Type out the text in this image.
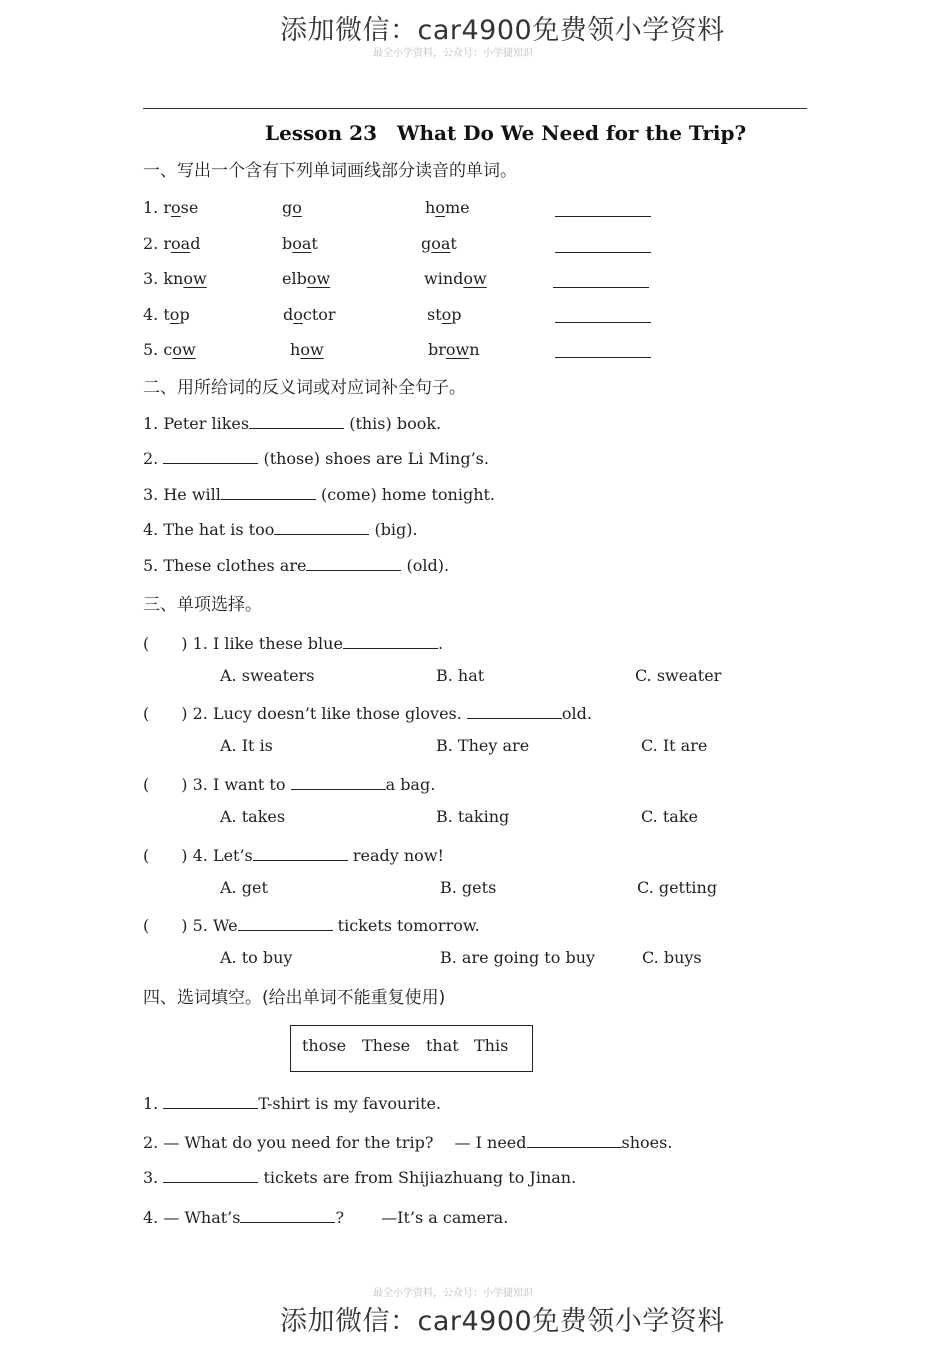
添加微信：car4900免费领小学资料
最全小学资料，公众号：小学捷知识
Lesson 23　What Do We Need for the Trip?
一、写出一个含有下列单词画线部分读音的单词。
1. rose	go	home
2. road	boat	goat
3. know	elbow	window
4. top	doctor	stop
5. cow	how	brown
二、用所给词的反义词或对应词补全句子。
1. Peter likes	(this) book.
2.	(those) shoes are Li Ming’s.
3. He will	(come) home tonight.
4. The hat is too	(big).
5. These clothes are	(old).
三、单项选择。
(　　) 1. I like these blue	.
A. sweaters	B. hat	C. sweater
(　　) 2. Lucy doesn’t like those gloves.	old.
A. It is	B. They are	C. It are
(　　) 3. I want to	a bag.
A. takes	B. taking	C. take
(　　) 4. Let’s	ready now!
A. get	B. gets	C. getting
(　　) 5. We	tickets tomorrow.
A. to buy	B. are going to buy	C. buys
四、选词填空。(给出单词不能重复使用)
those These that This
1.	T-shirt is my favourite.
2. — What do you need for the trip?　 — I need	shoes.
3.	tickets are from Shijiazhuang to Jinan.
4. — What’s	?　　 —It’s a camera.
最全小学资料，公众号：小学捷知识
添加微信：car4900免费领小学资料
